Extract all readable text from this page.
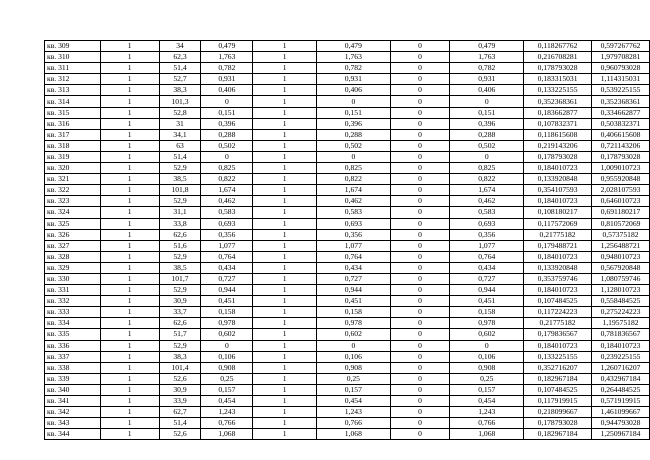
кв. 309	1	34	0,479	1	0,479	0	0,479	0,118267762	0,597267762
кв. 310	1	62,3	1,763	1	1,763	0	1,763	0,216708281	1,979708281
кв. 311	1	51,4	0,782	1	0,782	0	0,782	0,178793028	0,960793028
кв. 312	1	52,7	0,931	1	0,931	0	0,931	0,183315031	1,114315031
кв. 313	1	38,3	0,406	1	0,406	0	0,406	0,133225155	0,539225155
кв. 314	1	101,3	0	1	0	0	0	0,352368361	0,352368361
кв. 315	1	52,8	0,151	1	0,151	0	0,151	0,183662877	0,334662877
кв. 316	1	31	0,396	1	0,396	0	0,396	0,107832371	0,503832371
кв. 317	1	34,1	0,288	1	0,288	0	0,288	0,118615608	0,406615608
кв. 318	1	63	0,502	1	0,502	0	0,502	0,219143206	0,721143206
кв. 319	1	51,4	0	1	0	0	0	0,178793028	0,178793028
кв. 320	1	52,9	0,825	1	0,825	0	0,825	0,184010723	1,009010723
кв. 321	1	38,5	0,822	1	0,822	0	0,822	0,133920848	0,955920848
кв. 322	1	101,8	1,674	1	1,674	0	1,674	0,354107593	2,028107593
кв. 323	1	52,9	0,462	1	0,462	0	0,462	0,184010723	0,646010723
кв. 324	1	31,1	0,583	1	0,583	0	0,583	0,108180217	0,691180217
кв. 325	1	33,8	0,693	1	0,693	0	0,693	0,117572069	0,810572069
кв. 326	1	62,6	0,356	1	0,356	0	0,356	0,21775182	0,57375182
кв. 327	1	51,6	1,077	1	1,077	0	1,077	0,179488721	1,256488721
кв. 328	1	52,9	0,764	1	0,764	0	0,764	0,184010723	0,948010723
кв. 329	1	38,5	0,434	1	0,434	0	0,434	0,133920848	0,567920848
кв. 330	1	101,7	0,727	1	0,727	0	0,727	0,353759746	1,080759746
кв. 331	1	52,9	0,944	1	0,944	0	0,944	0,184010723	1,128010723
кв. 332	1	30,9	0,451	1	0,451	0	0,451	0,107484525	0,558484525
кв. 333	1	33,7	0,158	1	0,158	0	0,158	0,117224223	0,275224223
кв. 334	1	62,6	0,978	1	0,978	0	0,978	0,21775182	1,19575182
кв. 335	1	51,7	0,602	1	0,602	0	0,602	0,179836567	0,781836567
кв. 336	1	52,9	0	1	0	0	0	0,184010723	0,184010723
кв. 337	1	38,3	0,106	1	0,106	0	0,106	0,133225155	0,239225155
кв. 338	1	101,4	0,908	1	0,908	0	0,908	0,352716207	1,260716207
кв. 339	1	52,6	0,25	1	0,25	0	0,25	0,182967184	0,432967184
кв. 340	1	30,9	0,157	1	0,157	0	0,157	0,107484525	0,264484525
кв. 341	1	33,9	0,454	1	0,454	0	0,454	0,117919915	0,571919915
кв. 342	1	62,7	1,243	1	1,243	0	1,243	0,218099667	1,461099667
кв. 343	1	51,4	0,766	1	0,766	0	0,766	0,178793028	0,944793028
кв. 344	1	52,6	1,068	1	1,068	0	1,068	0,182967184	1,250967184
